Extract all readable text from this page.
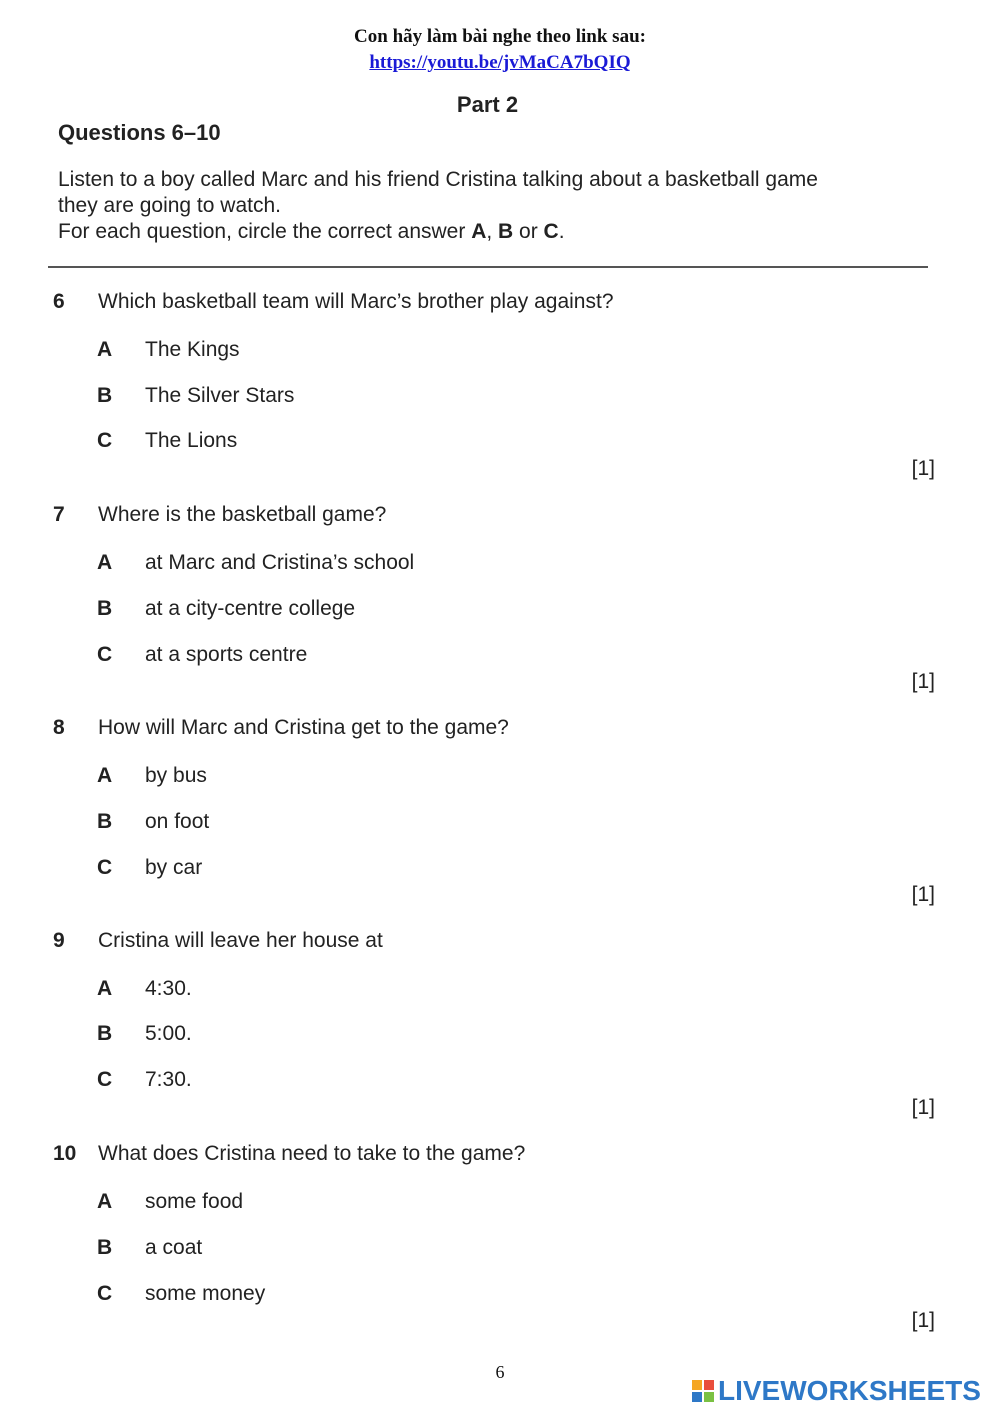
Con hãy làm bài nghe theo link sau:
https://youtu.be/jvMaCA7bQIQ
Part 2
Questions 6–10
Listen to a boy called Marc and his friend Cristina talking about a basketball game
they are going to watch.
For each question, circle the correct answer A, B or C.
6	Which basketball team will Marc’s brother play against?
A	The Kings
B	The Silver Stars
C	The Lions
[1]
7	Where is the basketball game?
A	at Marc and Cristina’s school
B	at a city-centre college
C	at a sports centre
[1]
8	How will Marc and Cristina get to the game?
A	by bus
B	on foot
C	by car
[1]
9	Cristina will leave her house at
A	4:30.
B	5:00.
C	7:30.
[1]
10	What does Cristina need to take to the game?
A	some food
B	a coat
C	some money
[1]
6
LIVEWORKSHEETS
